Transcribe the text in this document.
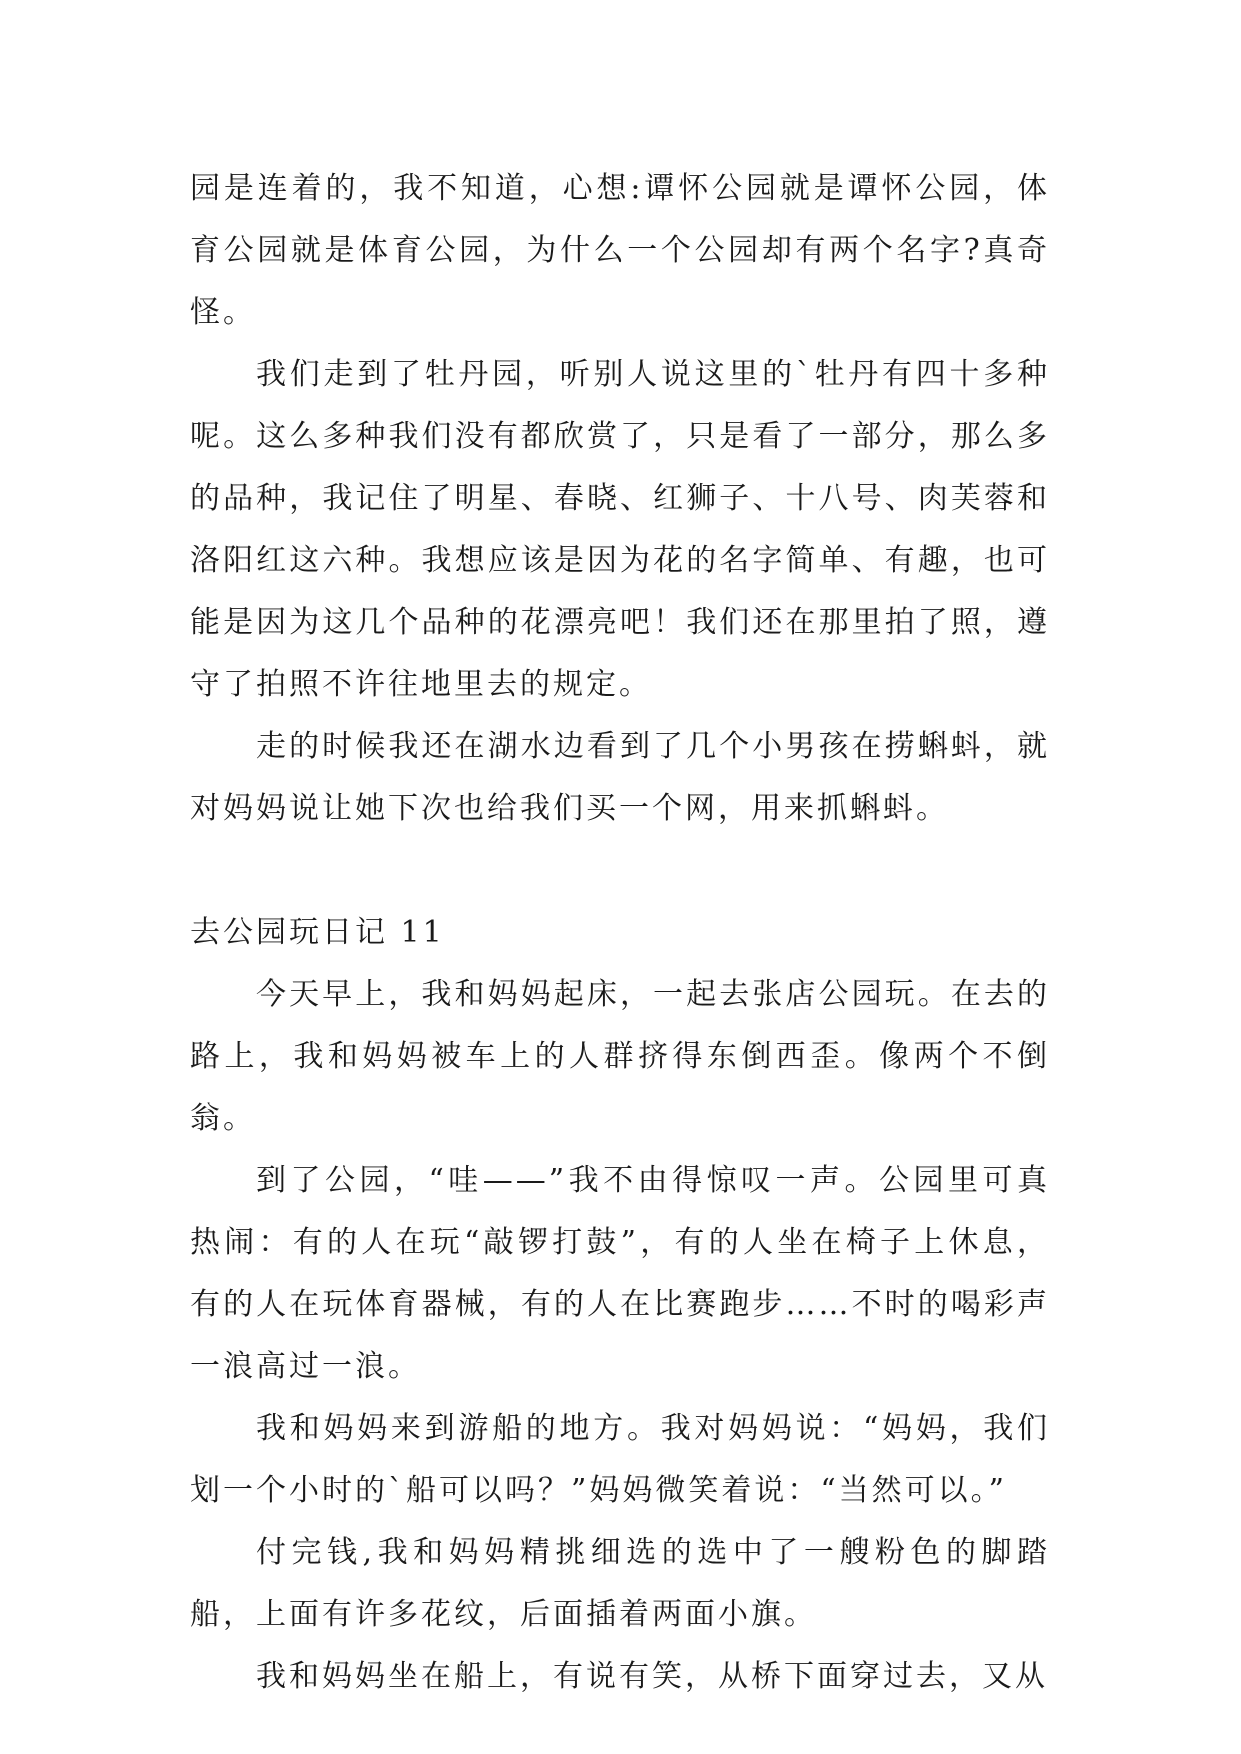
园是连着的，我不知道，心想:谭怀公园就是谭怀公园，体育公园就是体育公园，为什么一个公园却有两个名字?真奇怪。

我们走到了牡丹园，听别人说这里的`牡丹有四十多种呢。这么多种我们没有都欣赏了，只是看了一部分，那么多的品种，我记住了明星、春晓、红狮子、十八号、肉芙蓉和洛阳红这六种。我想应该是因为花的名字简单、有趣，也可能是因为这几个品种的花漂亮吧！我们还在那里拍了照，遵守了拍照不许往地里去的规定。

走的时候我还在湖水边看到了几个小男孩在捞蝌蚪，就对妈妈说让她下次也给我们买一个网，用来抓蝌蚪。

去公园玩日记 11

今天早上，我和妈妈起床，一起去张店公园玩。在去的路上，我和妈妈被车上的人群挤得东倒西歪。像两个不倒翁。

到了公园，“哇——”我不由得惊叹一声。公园里可真热闹：有的人在玩“敲锣打鼓”，有的人坐在椅子上休息，有的人在玩体育器械，有的人在比赛跑步……不时的喝彩声一浪高过一浪。

我和妈妈来到游船的地方。我对妈妈说：“妈妈，我们划一个小时的`船可以吗？”妈妈微笑着说：“当然可以。”

付完钱,我和妈妈精挑细选的选中了一艘粉色的脚踏船，上面有许多花纹，后面插着两面小旗。

我和妈妈坐在船上，有说有笑，从桥下面穿过去，又从
